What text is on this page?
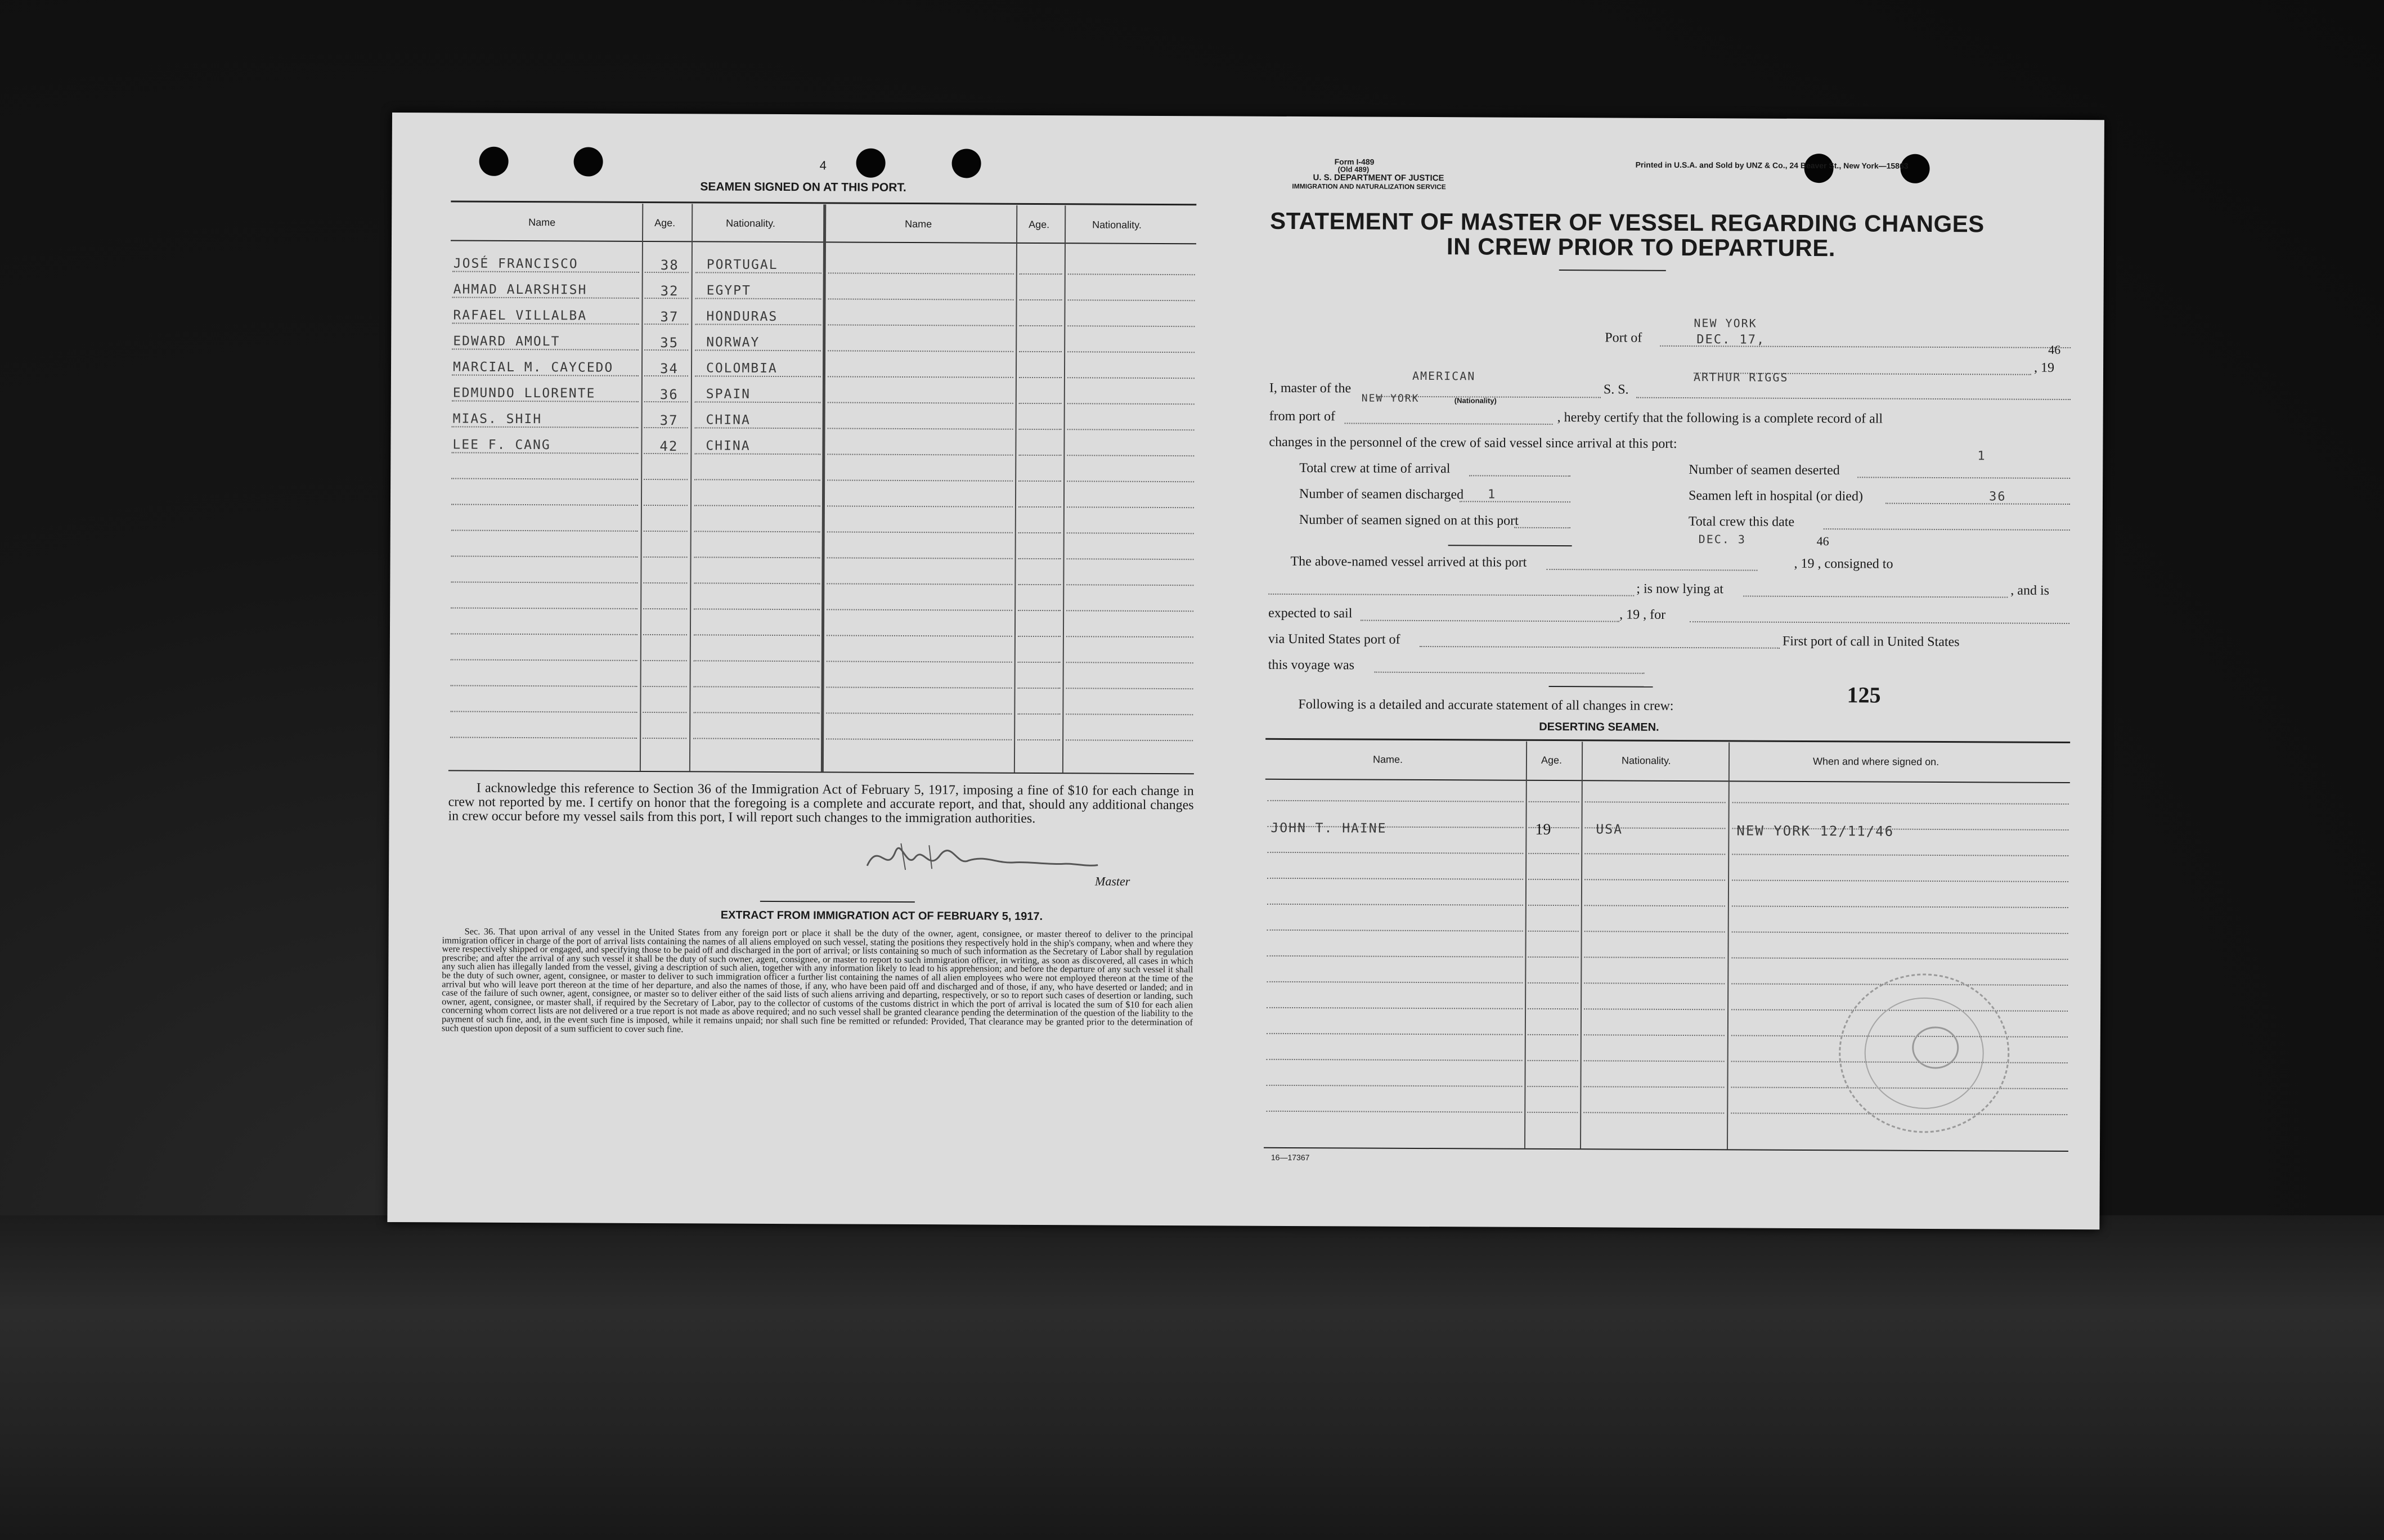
4
SEAMEN SIGNED ON AT THIS PORT.
Name	Age.	Nationality.	Name	Age.	Nationality.
JOSÉ FRANCISCO	38 PORTUGAL
AHMAD ALARSHISH	32 EGYPT
RAFAEL VILLALBA	37 HONDURAS
EDWARD AMOLT	35 NORWAY
MARCIAL M. CAYCEDO	34 COLOMBIA
EDMUNDO LLORENTE	36 SPAIN
MIAS. SHIH	37 CHINA
LEE F. CANG	42 CHINA
I acknowledge this reference to Section 36 of the Immigration Act of February 5, 1917, imposing a fine of $10 for each change in crew not reported by me. I certify on honor that the foregoing is a complete and accurate report, and that, should any additional changes in crew occur before my vessel sails from this port, I will report such changes to the immigration authorities.
Master
EXTRACT FROM IMMIGRATION ACT OF FEBRUARY 5, 1917.
Sec. 36. That upon arrival of any vessel in the United States from any foreign port or place it shall be the duty of the owner, agent, consignee, or master thereof to deliver to the principal immigration officer in charge of the port of arrival lists containing the names of all aliens employed on such vessel, stating the positions they respectively hold in the ship's company, when and where they were respectively shipped or engaged, and specifying those to be paid off and discharged in the port of arrival; or lists containing so much of such information as the Secretary of Labor shall by regulation prescribe; and after the arrival of any such vessel it shall be the duty of such owner, agent, consignee, or master to report to such immigration officer, in writing, as soon as discovered, all cases in which any such alien has illegally landed from the vessel, giving a description of such alien, together with any information likely to lead to his apprehension; and before the departure of any such vessel it shall be the duty of such owner, agent, consignee, or master to deliver to such immigration officer a further list containing the names of all alien employees who were not employed thereon at the time of the arrival but who will leave port thereon at the time of her departure, and also the names of those, if any, who have been paid off and discharged and of those, if any, who have deserted or landed; and in case of the failure of such owner, agent, consignee, or master so to deliver either of the said lists of such aliens arriving and departing, respectively, or so to report such cases of desertion or landing, such owner, agent, consignee, or master shall, if required by the Secretary of Labor, pay to the collector of customs of the customs district in which the port of arrival is located the sum of $10 for each alien concerning whom correct lists are not delivered or a true report is not made as above required; and no such vessel shall be granted clearance pending the determination of the question of the liability to the payment of such fine, and, in the event such fine is imposed, while it remains unpaid; nor shall such fine be remitted or refunded: Provided, That clearance may be granted prior to the determination of such question upon deposit of a sum sufficient to cover such fine.
Form I-489
(Old 489)
U. S. DEPARTMENT OF JUSTICE
IMMIGRATION AND NATURALIZATION SERVICE
Printed in U.S.A. and Sold by UNZ & Co., 24 Beaver St., New York—15863
STATEMENT OF MASTER OF VESSEL REGARDING CHANGES
IN CREW PRIOR TO DEPARTURE.
Port of
NEW YORK
DEC. 17,
46
, 19
I, master of the
AMERICAN
(Nationality)
S. S.
ARTHUR RIGGS
NEW YORK
from port of	, hereby certify that the following is a complete record of all
changes in the personnel of the crew of said vessel since arrival at this port:
Total crew at time of arrival	Number of seamen deserted
1
Number of seamen discharged 1	Seamen left in hospital (or died)	36
Number of seamen signed on at this port	Total crew this date
DEC. 3	46
The above-named vessel arrived at this port	, 19 , consigned to
; is now lying at	, and is
expected to sail	, 19 , for
via United States port of	First port of call in United States
this voyage was
Following is a detailed and accurate statement of all changes in crew:	125
DESERTING SEAMEN.
Name.	Age.	Nationality.	When and where signed on.
JOHN T. HAINE	19	USA	NEW YORK 12/11/46
16—17367
